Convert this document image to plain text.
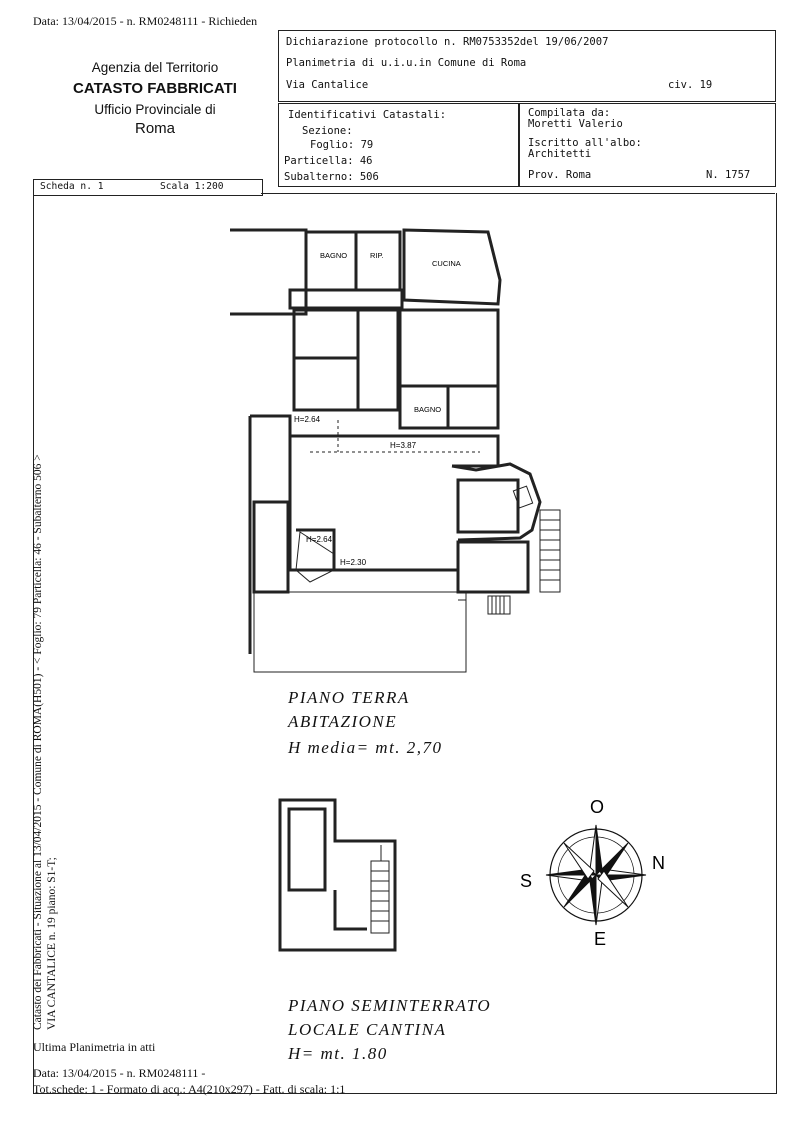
Data: 13/04/2015 - n. RM0248111 - Richieden
Agenzia del Territorio
CATASTO FABBRICATI
Ufficio Provinciale di
Roma
Dichiarazione protocollo n. RM0753352del 19/06/2007
Planimetria di u.i.u.in Comune di Roma
Via Cantalice	civ. 19
Identificativi Catastali:
Sezione:
Foglio: 79
Particella: 46
Subalterno: 506
Compilata da:
Moretti Valerio
Iscritto all'albo:
Architetti
Prov. Roma	N. 1757
Scheda n. 1	Scala 1:200
BAGNO	RIP.
CUCINA
BAGNO
H=2.64
H=3.87
H=2.64
H=2.30
PIANO TERRA
ABITAZIONE
H media= mt. 2,70
O
N
S
E
PIANO SEMINTERRATO
LOCALE CANTINA
H= mt. 1.80
Catasto dei Fabbricati - Situazione al 13/04/2015 - Comune di ROMA(H501) - < Foglio: 79 Particella: 46 - Subalterno 506 > VIA CANTALICE n. 19 piano: S1-T;
Ultima Planimetria in atti
Data: 13/04/2015 - n. RM0248111 -
Tot.schede: 1 - Formato di acq.: A4(210x297) - Fatt. di scala: 1:1
